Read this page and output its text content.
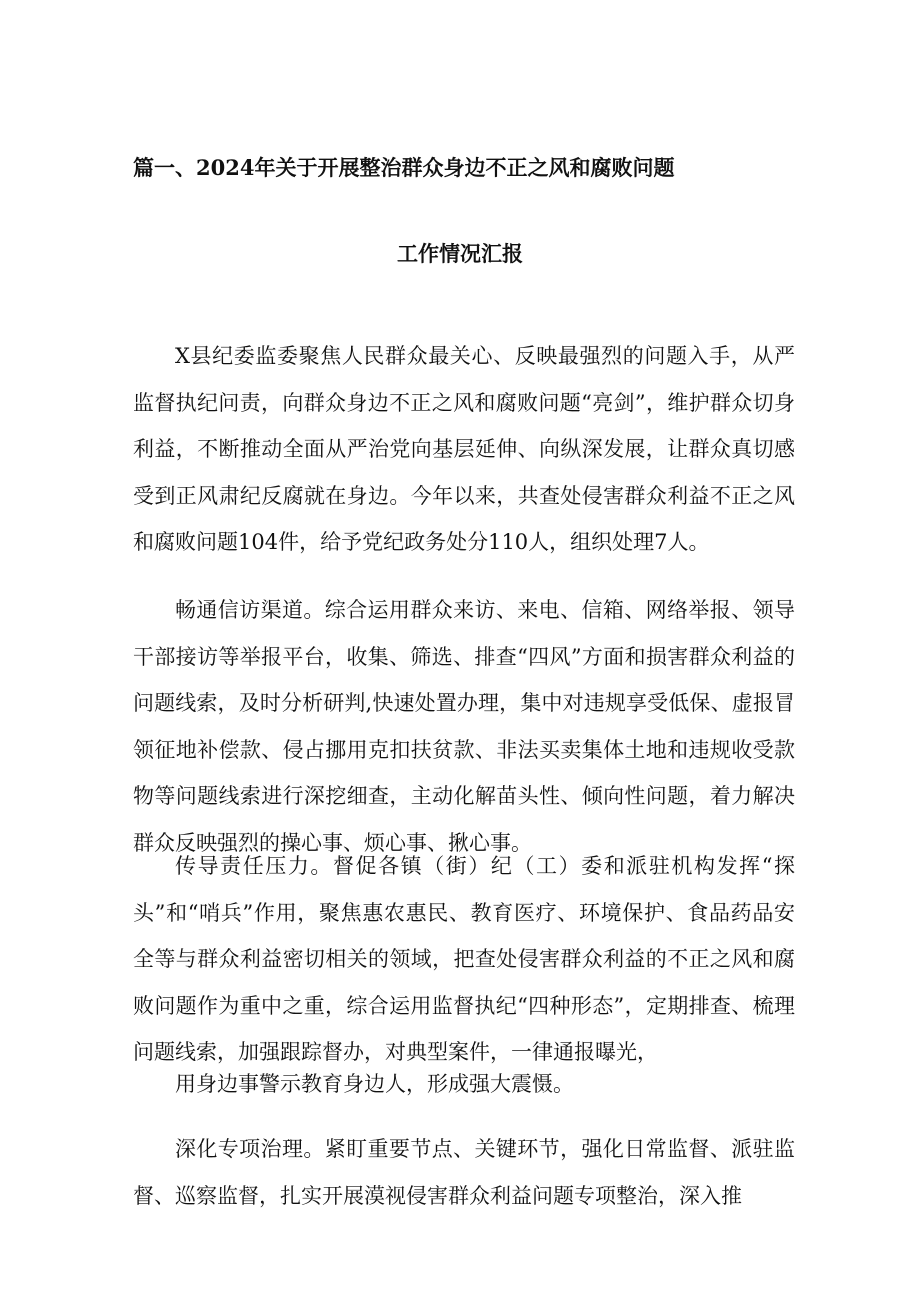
篇一、2024年关于开展整治群众身边不正之风和腐败问题
工作情况汇报

X县纪委监委聚焦人民群众最关心、反映最强烈的问题入手，从严监督执纪问责，向群众身边不正之风和腐败问题“亮剑”，维护群众切身利益，不断推动全面从严治党向基层延伸、向纵深发展，让群众真切感受到正风肃纪反腐就在身边。今年以来，共查处侵害群众利益不正之风和腐败问题104件，给予党纪政务处分110人，组织处理7人。

畅通信访渠道。综合运用群众来访、来电、信箱、网络举报、领导干部接访等举报平台，收集、筛选、排查“四风”方面和损害群众利益的问题线索，及时分析研判,快速处置办理，集中对违规享受低保、虚报冒领征地补偿款、侵占挪用克扣扶贫款、非法买卖集体土地和违规收受款物等问题线索进行深挖细查，主动化解苗头性、倾向性问题，着力解决群众反映强烈的操心事、烦心事、揪心事。

传导责任压力。督促各镇（街）纪（工）委和派驻机构发挥“探头”和“哨兵”作用，聚焦惠农惠民、教育医疗、环境保护、食品药品安全等与群众利益密切相关的领域，把查处侵害群众利益的不正之风和腐败问题作为重中之重，综合运用监督执纪“四种形态”，定期排查、梳理问题线索，加强跟踪督办，对典型案件，一律通报曝光，

用身边事警示教育身边人，形成强大震慑。

深化专项治理。紧盯重要节点、关键环节，强化日常监督、派驻监督、巡察监督，扎实开展漠视侵害群众利益问题专项整治，深入推
